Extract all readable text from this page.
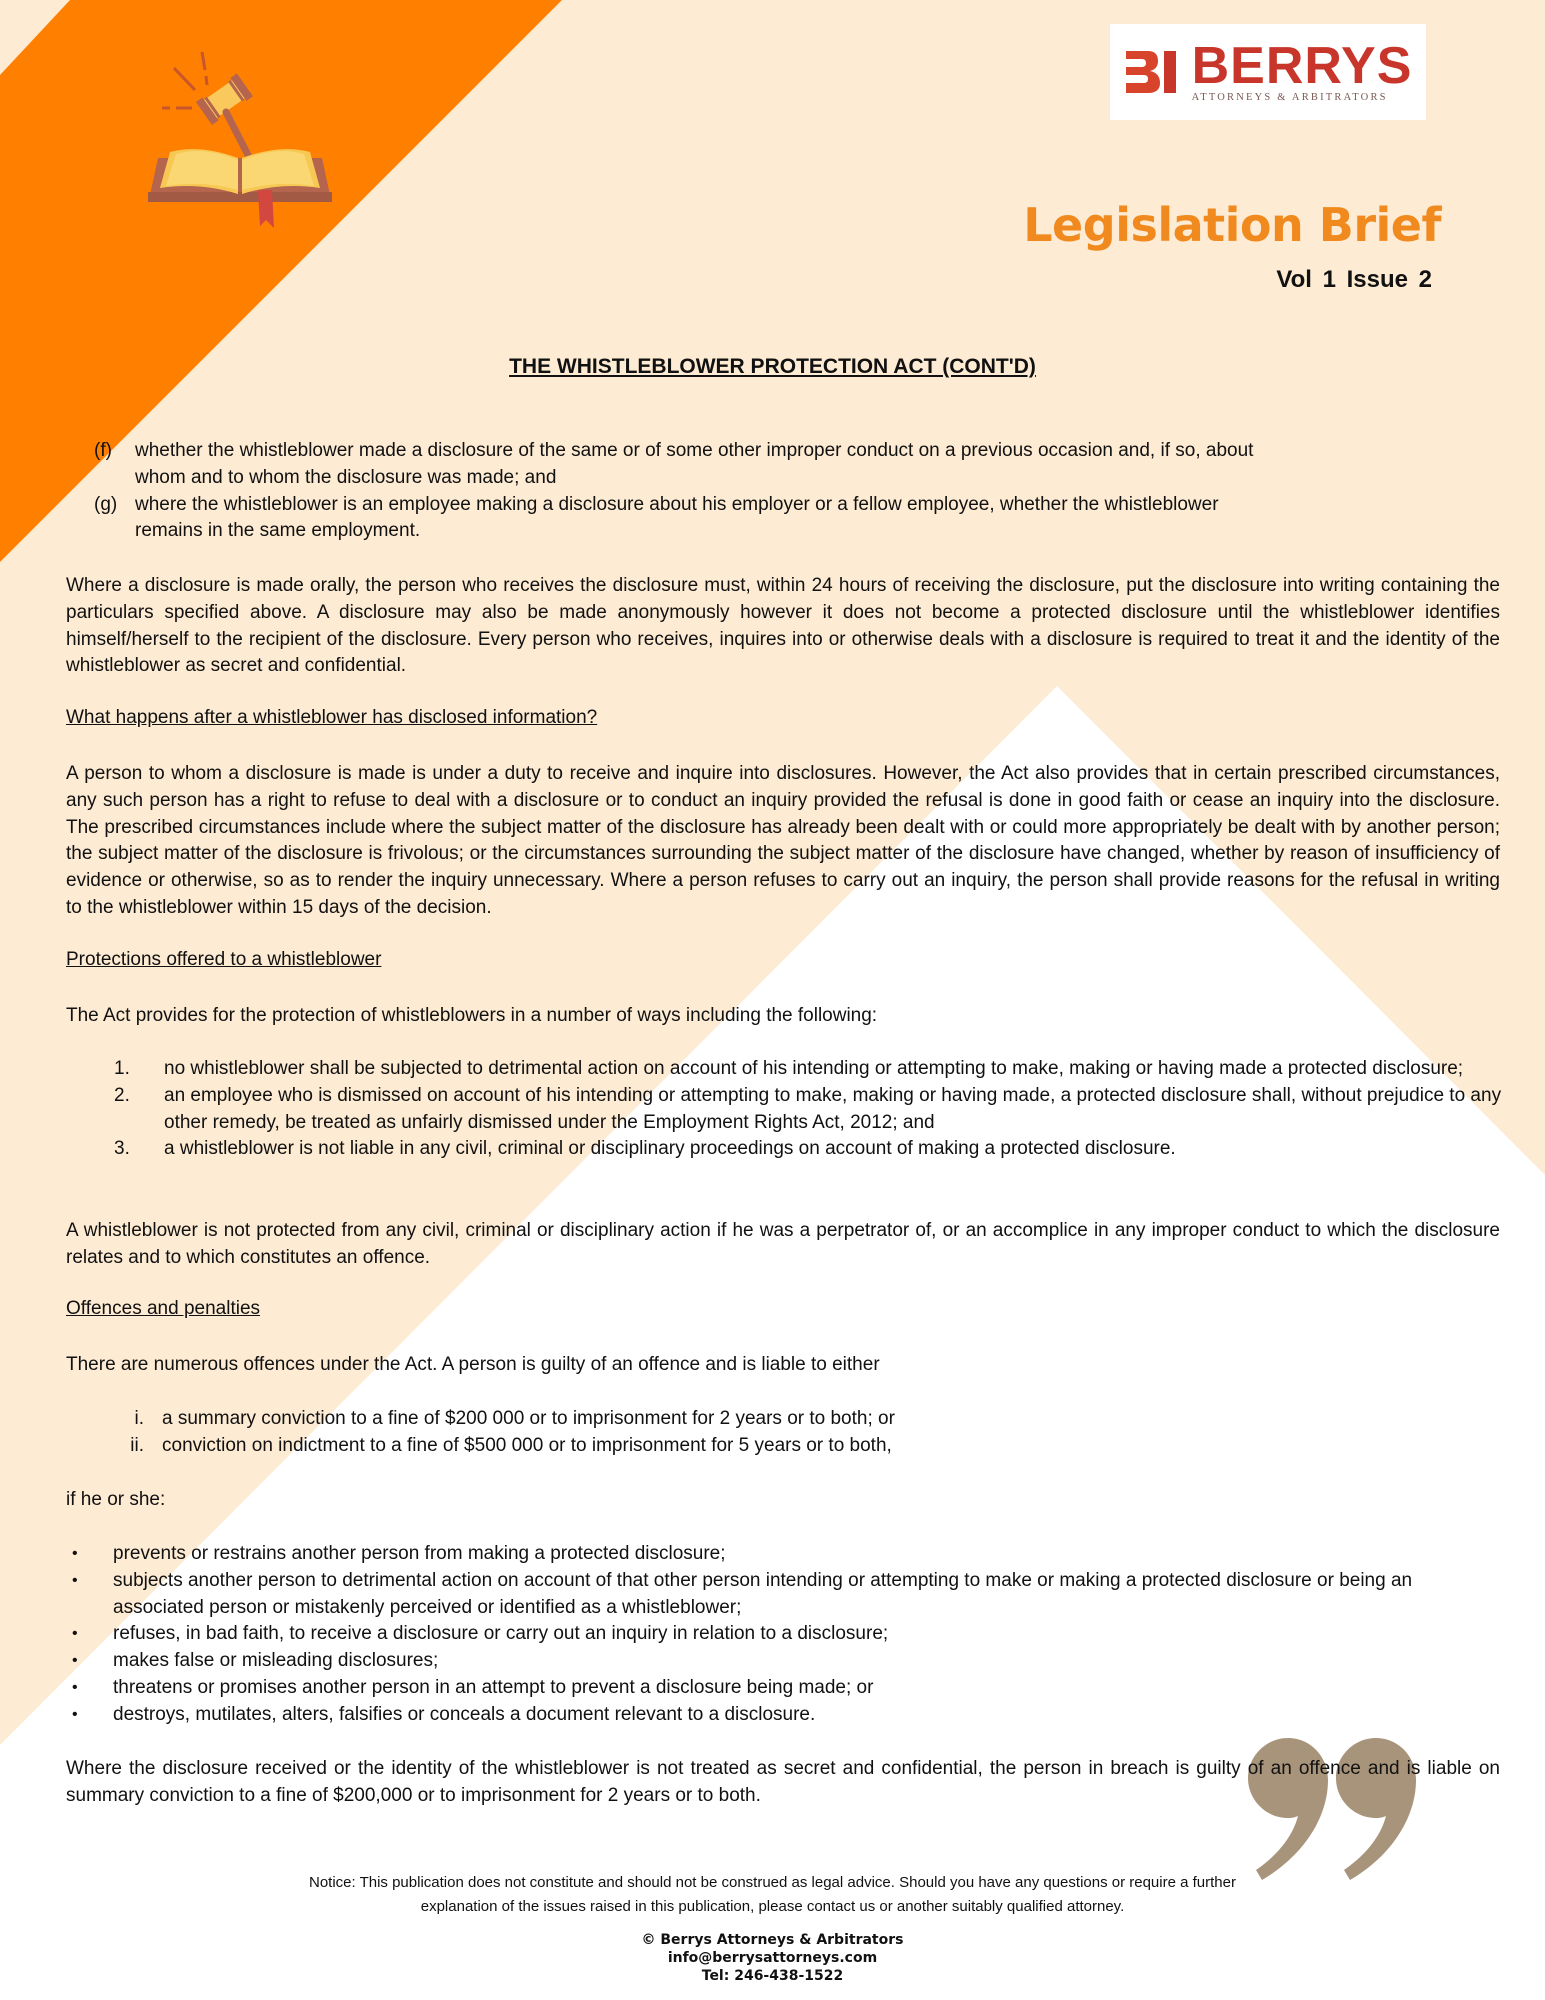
BERRYS
ATTORNEYS & ARBITRATORS
Legislation Brief
Vol 1 Issue 2
THE WHISTLEBLOWER PROTECTION ACT (CONT'D)
(f)	whether the whistleblower made a disclosure of the same or of some other improper conduct on a previous occasion and, if so, about
whom and to whom the disclosure was made; and
(g) where the whistleblower is an employee making a disclosure about his employer or a fellow employee, whether the whistleblower
remains in the same employment.
Where a disclosure is made orally, the person who receives the disclosure must, within 24 hours of receiving the disclosure, put the disclosure into writing containing the particulars specified above. A disclosure may also be made anonymously however it does not become a protected disclosure until the whistleblower identifies himself/herself to the recipient of the disclosure. Every person who receives, inquires into or otherwise deals with a disclosure is required to treat it and the identity of the whistleblower as secret and confidential.
What happens after a whistleblower has disclosed information?
A person to whom a disclosure is made is under a duty to receive and inquire into disclosures. However, the Act also provides that in certain prescribed circumstances, any such person has a right to refuse to deal with a disclosure or to conduct an inquiry provided the refusal is done in good faith or cease an inquiry into the disclosure. The prescribed circumstances include where the subject matter of the disclosure has already been dealt with or could more appropriately be dealt with by another person; the subject matter of the disclosure is frivolous; or the circumstances surrounding the subject matter of the disclosure have changed, whether by reason of insufficiency of evidence or otherwise, so as to render the inquiry unnecessary. Where a person refuses to carry out an inquiry, the person shall provide reasons for the refusal in writing to the whistleblower within 15 days of the decision.
Protections offered to a whistleblower
The Act provides for the protection of whistleblowers in a number of ways including the following:
1.	no whistleblower shall be subjected to detrimental action on account of his intending or attempting to make, making or having made a protected disclosure;
2.	an employee who is dismissed on account of his intending or attempting to make, making or having made, a protected disclosure shall, without prejudice to any other remedy, be treated as unfairly dismissed under the Employment Rights Act, 2012; and
3.	a whistleblower is not liable in any civil, criminal or disciplinary proceedings on account of making a protected disclosure.
A whistleblower is not protected from any civil, criminal or disciplinary action if he was a perpetrator of, or an accomplice in any improper conduct to which the disclosure relates and to which constitutes an offence.
Offences and penalties
There are numerous offences under the Act. A person is guilty of an offence and is liable to either
i. a summary conviction to a fine of $200 000 or to imprisonment for 2 years or to both; or
ii. conviction on indictment to a fine of $500 000 or to imprisonment for 5 years or to both,
if he or she:
•	prevents or restrains another person from making a protected disclosure;
•	subjects another person to detrimental action on account of that other person intending or attempting to make or making a protected disclosure or being an associated person or mistakenly perceived or identified as a whistleblower;
•	refuses, in bad faith, to receive a disclosure or carry out an inquiry in relation to a disclosure;
•	makes false or misleading disclosures;
•	threatens or promises another person in an attempt to prevent a disclosure being made; or
•	destroys, mutilates, alters, falsifies or conceals a document relevant to a disclosure.
Where the disclosure received or the identity of the whistleblower is not treated as secret and confidential, the person in breach is guilty of an offence and is liable on summary conviction to a fine of $200,000 or to imprisonment for 2 years or to both.
Notice: This publication does not constitute and should not be construed as legal advice. Should you have any questions or require a further
explanation of the issues raised in this publication, please contact us or another suitably qualified attorney.
© Berrys Attorneys & Arbitrators
info@berrysattorneys.com
Tel: 246-438-1522
